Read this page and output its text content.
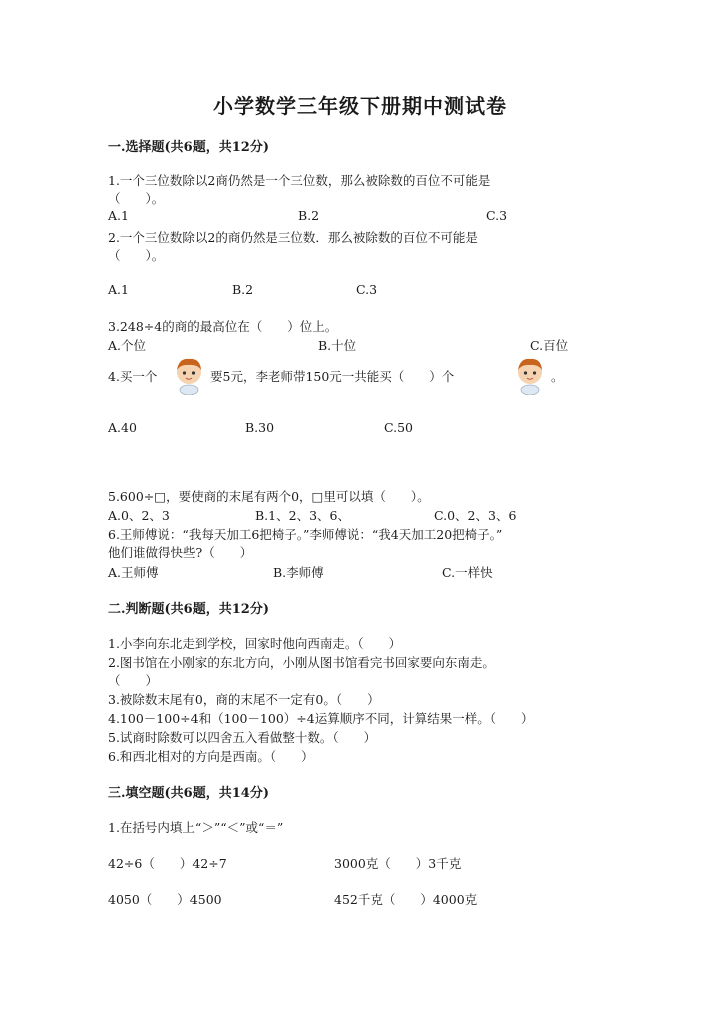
小学数学三年级下册期中测试卷
一.选择题(共6题，共12分)
1.一个三位数除以2商仍然是一个三位数，那么被除数的百位不可能是
（　　）。
A.1	B.2	C.3
2.一个三位数除以2的商仍然是三位数．那么被除数的百位不可能是
（　　）。
A.1	B.2	C.3
3.248÷4的商的最高位在（　　）位上。
A.个位	B.十位	C.百位
4.买一个	要5元，李老师带150元一共能买（　　）个	。
A.40	B.30	C.50
5.600÷□，要使商的末尾有两个0，□里可以填（　　）。
A.0、2、3	B.1、2、3、6、	C.0、2、3、6
6.王师傅说：“我每天加工6把椅子。”李师傅说：“我4天加工20把椅子。”
他们谁做得快些?（　　）
A.王师傅	B.李师傅	C.一样快
二.判断题(共6题，共12分)
1.小李向东北走到学校，回家时他向西南走。（　　）
2.图书馆在小刚家的东北方向，小刚从图书馆看完书回家要向东南走。
（　　）
3.被除数末尾有0，商的末尾不一定有0。（　　）
4.100－100÷4和（100－100）÷4运算顺序不同，计算结果一样。（　　）
5.试商时除数可以四舍五入看做整十数。（　　）
6.和西北相对的方向是西南。（　　）
三.填空题(共6题，共14分)
1.在括号内填上“＞”“＜”或“＝”
42÷6（　　）42÷7	3000克（　　）3千克
4050（　　）4500	452千克（　　）4000克
